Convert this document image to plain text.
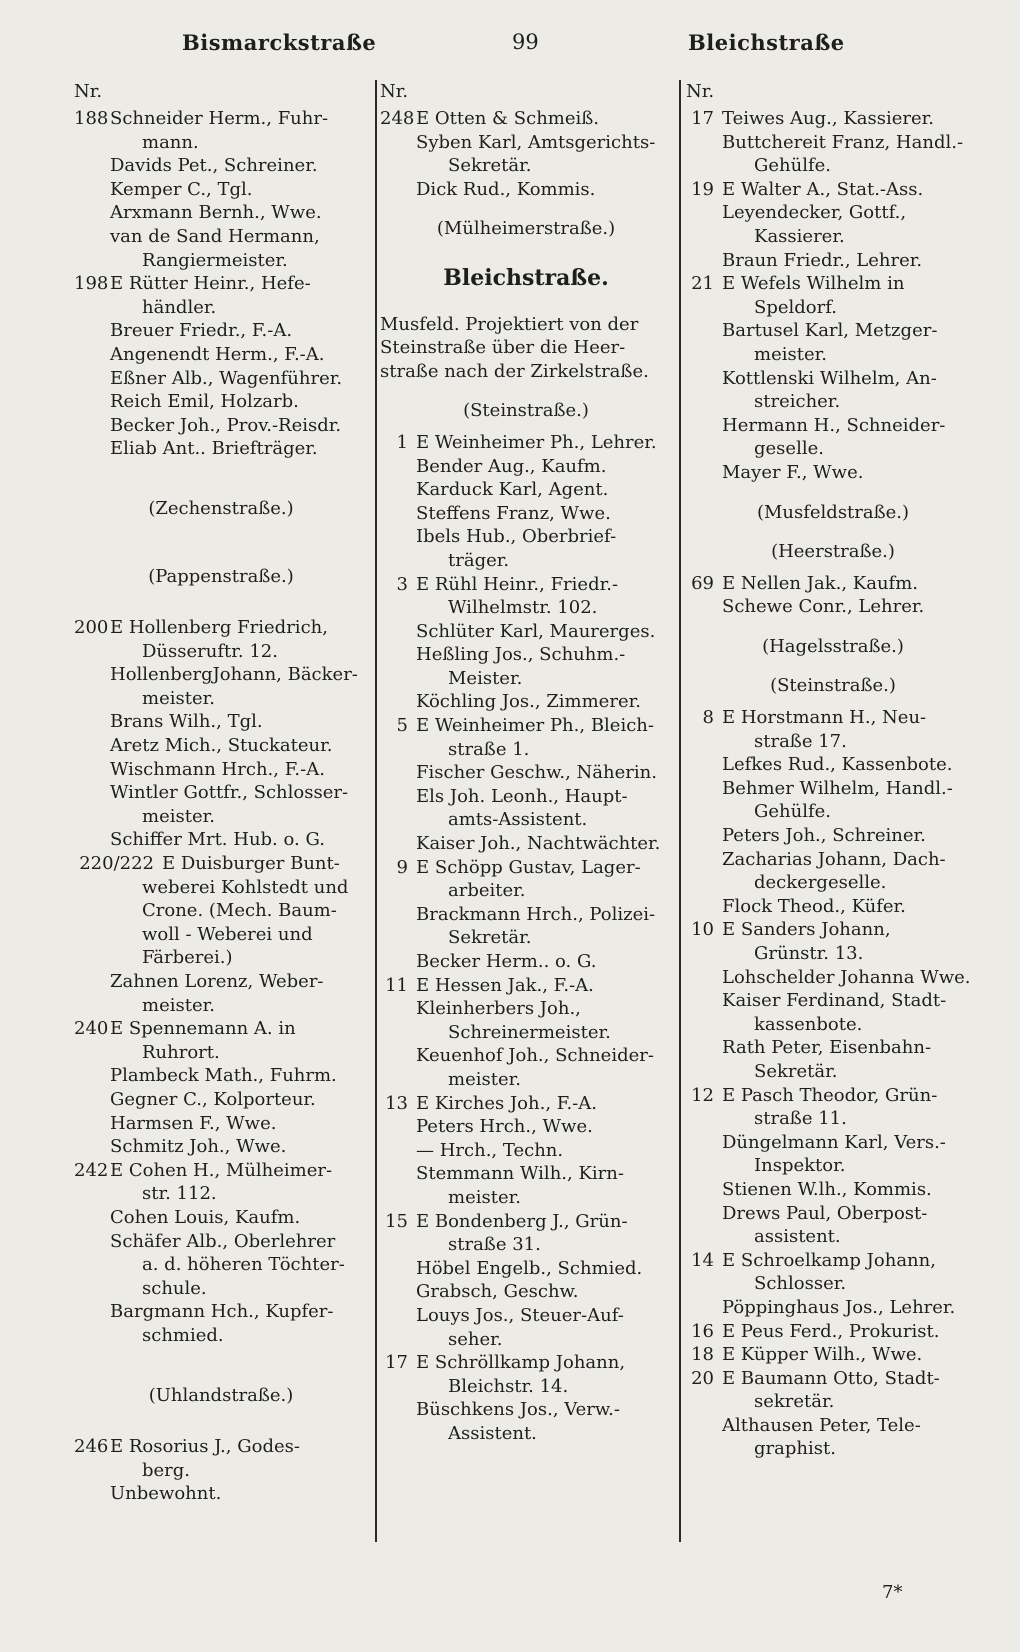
Bismarckstraße	99	Bleichstraße
Nr.
188 Schneider Herm., Fuhr-
mann.
Davids Pet., Schreiner.
Kemper C., Tgl.
Arxmann Bernh., Wwe.
van de Sand Hermann,
Rangiermeister.
198 E Rütter Heinr., Hefe-
händler.
Breuer Friedr., F.-A.
Angenendt Herm., F.-A.
Eßner Alb., Wagenführer.
Reich Emil, Holzarb.
Becker Joh., Prov.-Reisdr.
Eliab Ant.. Briefträger.
(Zechenstraße.)
(Pappenstraße.)
200 E Hollenberg Friedrich,
Düsseruftr. 12.
HollenbergJohann, Bäcker-
meister.
Brans Wilh., Tgl.
Aretz Mich., Stuckateur.
Wischmann Hrch., F.-A.
Wintler Gottfr., Schlosser-
meister.
Schiffer Mrt. Hub. o. G.
220/222 E Duisburger Bunt-
weberei Kohlstedt und
Crone. (Mech. Baum-
woll - Weberei und
Färberei.)
Zahnen Lorenz, Weber-
meister.
240 E Spennemann A. in
Ruhrort.
Plambeck Math., Fuhrm.
Gegner C., Kolporteur.
Harmsen F., Wwe.
Schmitz Joh., Wwe.
242 E Cohen H., Mülheimer-
str. 112.
Cohen Louis, Kaufm.
Schäfer Alb., Oberlehrer
a. d. höheren Töchter-
schule.
Bargmann Hch., Kupfer-
schmied.
(Uhlandstraße.)
246 E Rosorius J., Godes-
berg.
Unbewohnt.
Nr.
248 E Otten & Schmeiß.
Syben Karl, Amtsgerichts-
Sekretär.
Dick Rud., Kommis.
(Mülheimerstraße.)
Bleichstraße.
Musfeld. Projektiert von der
Steinstraße über die Heer-
straße nach der Zirkelstraße.
(Steinstraße.)
1 E Weinheimer Ph., Lehrer.
Bender Aug., Kaufm.
Karduck Karl, Agent.
Steffens Franz, Wwe.
Ibels Hub., Oberbrief-
träger.
3 E Rühl Heinr., Friedr.-
Wilhelmstr. 102.
Schlüter Karl, Maurerges.
Heßling Jos., Schuhm.-
Meister.
Köchling Jos., Zimmerer.
5 E Weinheimer Ph., Bleich-
straße 1.
Fischer Geschw., Näherin.
Els Joh. Leonh., Haupt-
amts-Assistent.
Kaiser Joh., Nachtwächter.
9 E Schöpp Gustav, Lager-
arbeiter.
Brackmann Hrch., Polizei-
Sekretär.
Becker Herm.. o. G.
11 E Hessen Jak., F.-A.
Kleinherbers Joh.,
Schreinermeister.
Keuenhof Joh., Schneider-
meister.
13 E Kirches Joh., F.-A.
Peters Hrch., Wwe.
— Hrch., Techn.
Stemmann Wilh., Kirn-
meister.
15 E Bondenberg J., Grün-
straße 31.
Höbel Engelb., Schmied.
Grabsch, Geschw.
Louys Jos., Steuer-Auf-
seher.
17 E Schröllkamp Johann,
Bleichstr. 14.
Büschkens Jos., Verw.-
Assistent.
Nr.
17 Teiwes Aug., Kassierer.
Buttchereit Franz, Handl.-
Gehülfe.
19 E Walter A., Stat.-Ass.
Leyendecker, Gottf.,
Kassierer.
Braun Friedr., Lehrer.
21 E Wefels Wilhelm in
Speldorf.
Bartusel Karl, Metzger-
meister.
Kottlenski Wilhelm, An-
streicher.
Hermann H., Schneider-
geselle.
Mayer F., Wwe.
(Musfeldstraße.)
(Heerstraße.)
69 E Nellen Jak., Kaufm.
Schewe Conr., Lehrer.
(Hagelsstraße.)
(Steinstraße.)
8 E Horstmann H., Neu-
straße 17.
Lefkes Rud., Kassenbote.
Behmer Wilhelm, Handl.-
Gehülfe.
Peters Joh., Schreiner.
Zacharias Johann, Dach-
deckergeselle.
Flock Theod., Küfer.
10 E Sanders Johann,
Grünstr. 13.
Lohschelder Johanna Wwe.
Kaiser Ferdinand, Stadt-
kassenbote.
Rath Peter, Eisenbahn-
Sekretär.
12 E Pasch Theodor, Grün-
straße 11.
Düngelmann Karl, Vers.-
Inspektor.
Stienen W.lh., Kommis.
Drews Paul, Oberpost-
assistent.
14 E Schroelkamp Johann,
Schlosser.
Pöppinghaus Jos., Lehrer.
16 E Peus Ferd., Prokurist.
18 E Küpper Wilh., Wwe.
20 E Baumann Otto, Stadt-
sekretär.
Althausen Peter, Tele-
graphist.
7*
